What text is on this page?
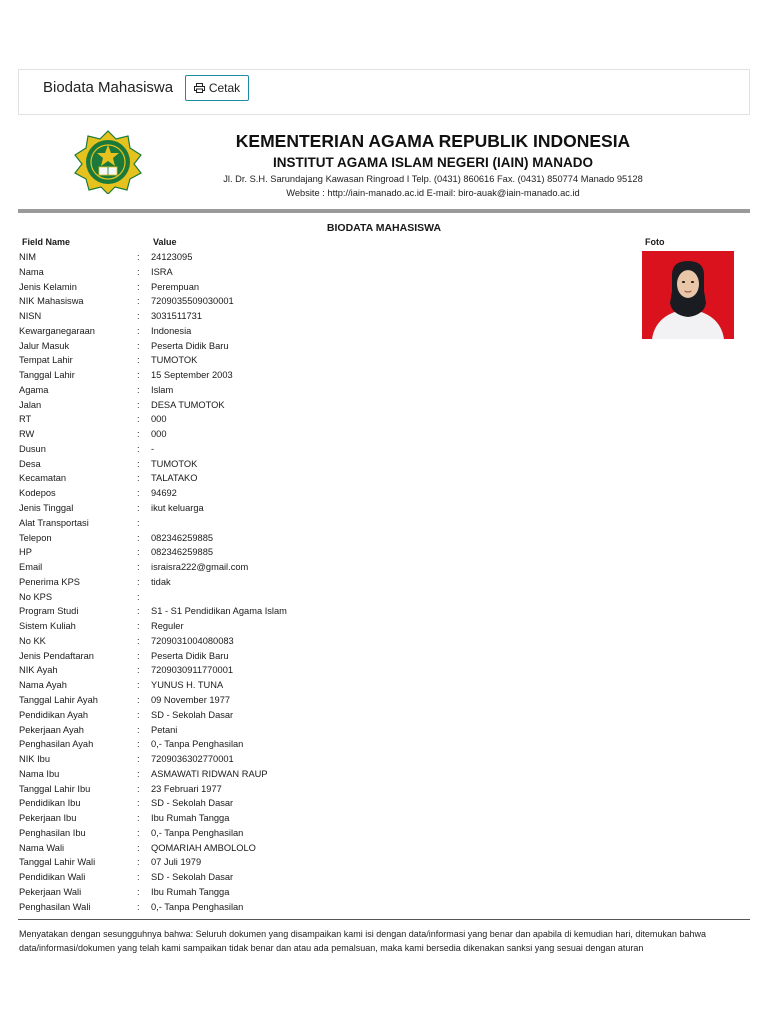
Biodata Mahasiswa	Cetak
KEMENTERIAN AGAMA REPUBLIK INDONESIA
INSTITUT AGAMA ISLAM NEGERI (IAIN) MANADO
Jl. Dr. S.H. Sarundajang Kawasan Ringroad I Telp. (0431) 860616 Fax. (0431) 850774 Manado 95128
Website : http://iain-manado.ac.id E-mail: biro-auak@iain-manado.ac.id
BIODATA MAHASISWA
Field Name	Value	Foto
NIM	: 24123095
Nama	: ISRA
Jenis Kelamin	: Perempuan
NIK Mahasiswa	: 7209035509030001
NISN	: 3031511731
Kewarganegaraan	: Indonesia
Jalur Masuk	: Peserta Didik Baru
Tempat Lahir	: TUMOTOK
Tanggal Lahir	: 15 September 2003
Agama	: Islam
Jalan	: DESA TUMOTOK
RT	: 000
RW	: 000
Dusun	: -
Desa	: TUMOTOK
Kecamatan	: TALATAKO
Kodepos	: 94692
Jenis Tinggal	: ikut keluarga
Alat Transportasi	:
Telepon	: 082346259885
HP	: 082346259885
Email	: israisra222@gmail.com
Penerima KPS	: tidak
No KPS	:
Program Studi	: S1 - S1 Pendidikan Agama Islam
Sistem Kuliah	: Reguler
No KK	: 7209031004080083
Jenis Pendaftaran	: Peserta Didik Baru
NIK Ayah	: 7209030911770001
Nama Ayah	: YUNUS H. TUNA
Tanggal Lahir Ayah	: 09 November 1977
Pendidikan Ayah	: SD - Sekolah Dasar
Pekerjaan Ayah	: Petani
Penghasilan Ayah	: 0,- Tanpa Penghasilan
NIK Ibu	: 7209036302770001
Nama Ibu	: ASMAWATI RIDWAN RAUP
Tanggal Lahir Ibu	: 23 Februari 1977
Pendidikan Ibu	: SD - Sekolah Dasar
Pekerjaan Ibu	: Ibu Rumah Tangga
Penghasilan Ibu	: 0,- Tanpa Penghasilan
Nama Wali	: QOMARIAH AMBOLOLO
Tanggal Lahir Wali	: 07 Juli 1979
Pendidikan Wali	: SD - Sekolah Dasar
Pekerjaan Wali	: Ibu Rumah Tangga
Penghasilan Wali	: 0,- Tanpa Penghasilan
Menyatakan dengan sesungguhnya bahwa: Seluruh dokumen yang disampaikan kami isi dengan data/informasi yang benar dan apabila di kemudian hari, ditemukan bahwa data/informasi/dokumen yang telah kami sampaikan tidak benar dan atau ada pemalsuan, maka kami bersedia dikenakan sanksi yang sesuai dengan aturan
